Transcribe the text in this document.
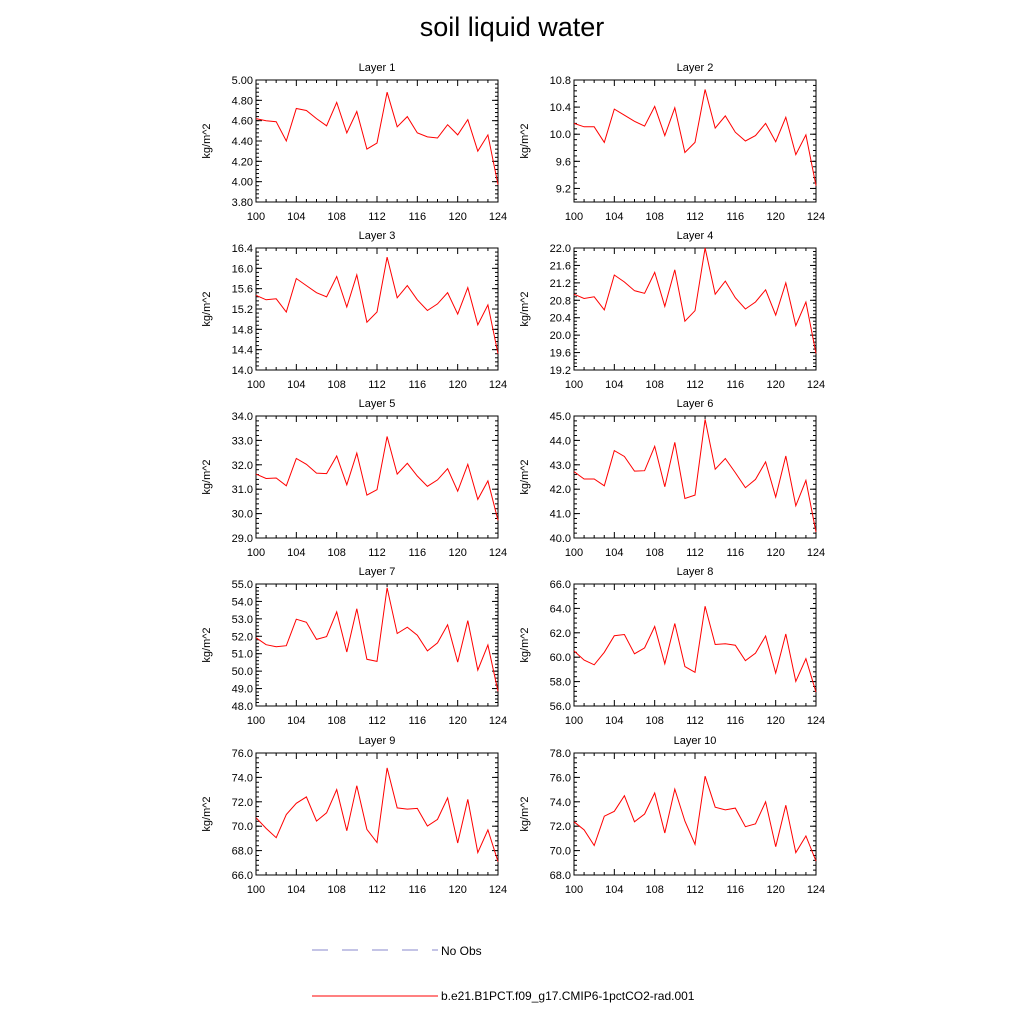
soil liquid water
Layer 1
100 104 108 112 116 120 124
3.80
4.00
4.20
4.40
4.60
4.80
5.00
kg/m^2
Layer 2
100 104 108 112 116 120 124
9.2
9.6
10.0
10.4
10.8
kg/m^2
Layer 3
100 104 108 112 116 120 124
14.0
14.4
14.8
15.2
15.6
16.0
16.4
kg/m^2
Layer 4
100 104 108 112 116 120 124
19.2
19.6
20.0
20.4
20.8
21.2
21.6
22.0
kg/m^2
Layer 5
100 104 108 112 116 120 124
29.0
30.0
31.0
32.0
33.0
34.0
kg/m^2
Layer 6
100 104 108 112 116 120 124
40.0
41.0
42.0
43.0
44.0
45.0
kg/m^2
Layer 7
100 104 108 112 116 120 124
48.0
49.0
50.0
51.0
52.0
53.0
54.0
55.0
kg/m^2
Layer 8
100 104 108 112 116 120 124
56.0
58.0
60.0
62.0
64.0
66.0
kg/m^2
Layer 9
100 104 108 112 116 120 124
66.0
68.0
70.0
72.0
74.0
76.0
kg/m^2
Layer 10
100 104 108 112 116 120 124
68.0
70.0
72.0
74.0
76.0
78.0
kg/m^2
No Obs
b.e21.B1PCT.f09_g17.CMIP6-1pctCO2-rad.001
